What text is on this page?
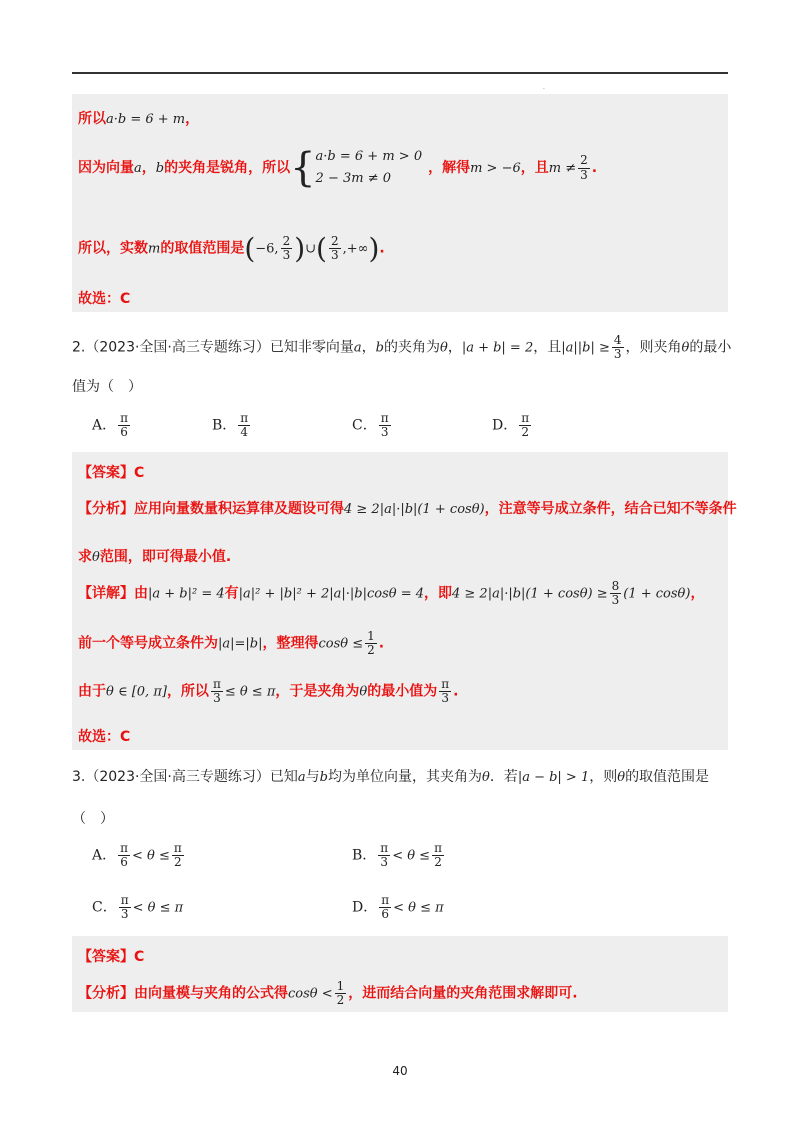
·
所以a·b = 6 + m，
因为向量a，b的夹角是锐角，所以{ a·b = 6 + m > 0
2 − 3m ≠ 0
，解得m > −6，且$m \ne \frac{2}{3}$ .
所以，实数m的取值范围是(−6, $\frac{2}{3}$ )∪( $\frac{2}{3}$ ,+∞).
故选：C
2.（2023·全国·高三专题练习）已知非零向量a，b的夹角为θ，|a + b| = 2，且$|a||b| \ge \frac{4}{3}$ ，则夹角θ的最小
值为（　）
A． $\frac{\pi}{6}$	B． $\frac{\pi}{4}$	C． $\frac{\pi}{3}$	D． $\frac{\pi}{2}$
【答案】C
【分析】应用向量数量积运算律及题设可得4 ≥ 2|a|·|b|(1 + cosθ)，注意等号成立条件，结合已知不等条件
求θ范围，即可得最小值.
【详解】由|a + b|² = 4有|a|² + |b|² + 2|a|·|b|cosθ = 4，即$4 \ge 2|a|\cdot|b|(1 + \cos\theta) \ge \frac{8}{3} (1 + \cos\theta)$，
前一个等号成立条件为|a|=|b|，整理得$\cos\theta \le \frac{1}{2}$ .
由于θ ∈ [0, π]，所以 $\frac{\pi}{3} \le \theta \le \pi$，于是夹角为θ的最小值为 $\frac{\pi}{3}$ .
故选：C
3.（2023·全国·高三专题练习）已知a与b均为单位向量，其夹角为θ．若|a − b| > 1，则θ的取值范围是
（　）
A． $\frac{\pi}{6} < \theta \le \frac{\pi}{2}$	B． $\frac{\pi}{3} < \theta \le \frac{\pi}{2}$
C． $\frac{\pi}{3} < \theta \le \pi$	D． $\frac{\pi}{6} < \theta \le \pi$
【答案】C
【分析】由向量模与夹角的公式得$\cos\theta < \frac{1}{2}$ ，进而结合向量的夹角范围求解即可.
40
